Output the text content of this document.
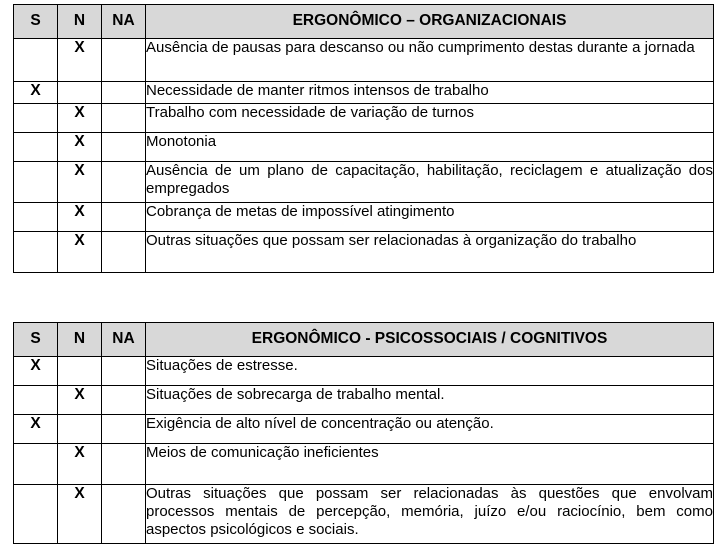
S	N	NA	ERGONÔMICO – ORGANIZACIONAIS
	X		Ausência de pausas para descanso ou não cumprimento destas durante a jornada
X			Necessidade de manter ritmos intensos de trabalho
	X		Trabalho com necessidade de variação de turnos
	X		Monotonia
	X		Ausência de um plano de capacitação, habilitação, reciclagem e atualização dos empregados
	X		Cobrança de metas de impossível atingimento
	X		Outras situações que possam ser relacionadas à organização do trabalho
S	N	NA	ERGONÔMICO - PSICOSSOCIAIS / COGNITIVOS
X			Situações de estresse.
	X		Situações de sobrecarga de trabalho mental.
X			Exigência de alto nível de concentração ou atenção.
	X		Meios de comunicação ineficientes
	X		Outras situações que possam ser relacionadas às questões que envolvam processos mentais de percepção, memória, juízo e/ou raciocínio, bem como aspectos psicológicos e sociais.
